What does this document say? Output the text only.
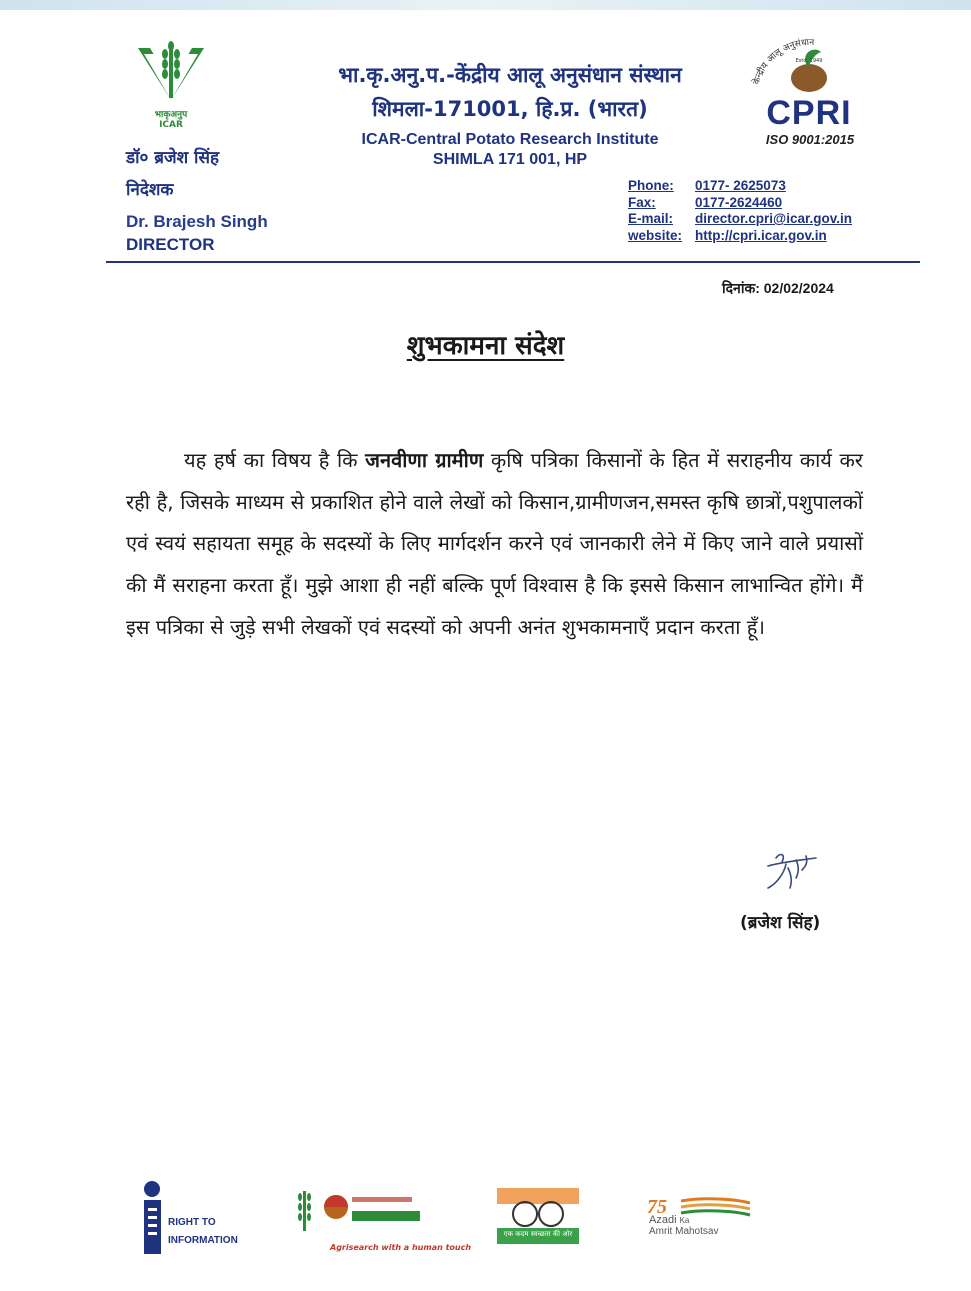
भाकृअनुप
ICAR
भा.कृ.अनु.प.-केंद्रीय आलू अनुसंधान संस्थान
शिमला-171001, हि.प्र. (भारत)
ICAR-Central Potato Research Institute
SHIMLA 171 001, HP
केन्द्रीय आलू अनुसंधान
Estd. 1949
CPRI
ISO 9001:2015
डॉ० ब्रजेश सिंह
निदेशक
Dr. Brajesh Singh
DIRECTOR
Phone:	0177- 2625073
Fax:	0177-2624460
E-mail:	director.cpri@icar.gov.in
website: http://cpri.icar.gov.in
दिनांक: 02/02/2024
शुभकामना संदेश

यह हर्ष का विषय है कि जनवीणा ग्रामीण कृषि पत्रिका किसानों के हित में सराहनीय कार्य कर रही है, जिसके माध्यम से प्रकाशित होने वाले लेखों को किसान,ग्रामीणजन,समस्त कृषि छात्रों,पशुपालकों एवं स्वयं सहायता समूह के सदस्यों के लिए मार्गदर्शन करने एवं जानकारी लेने में किए जाने वाले प्रयासों की मैं सराहना करता हूँ। मुझे आशा ही नहीं बल्कि पूर्ण विश्वास है कि इससे किसान लाभान्वित होंगे। मैं इस पत्रिका से जुड़े सभी लेखकों एवं सदस्यों को अपनी अनंत शुभकामनाएँ प्रदान करता हूँ।

(ब्रजेश सिंह)
RIGHT TO
INFORMATION
Agrisearch with a human touch
एक कदम स्वच्छता की ओर
75
Azadi Ka
Amrit Mahotsav
